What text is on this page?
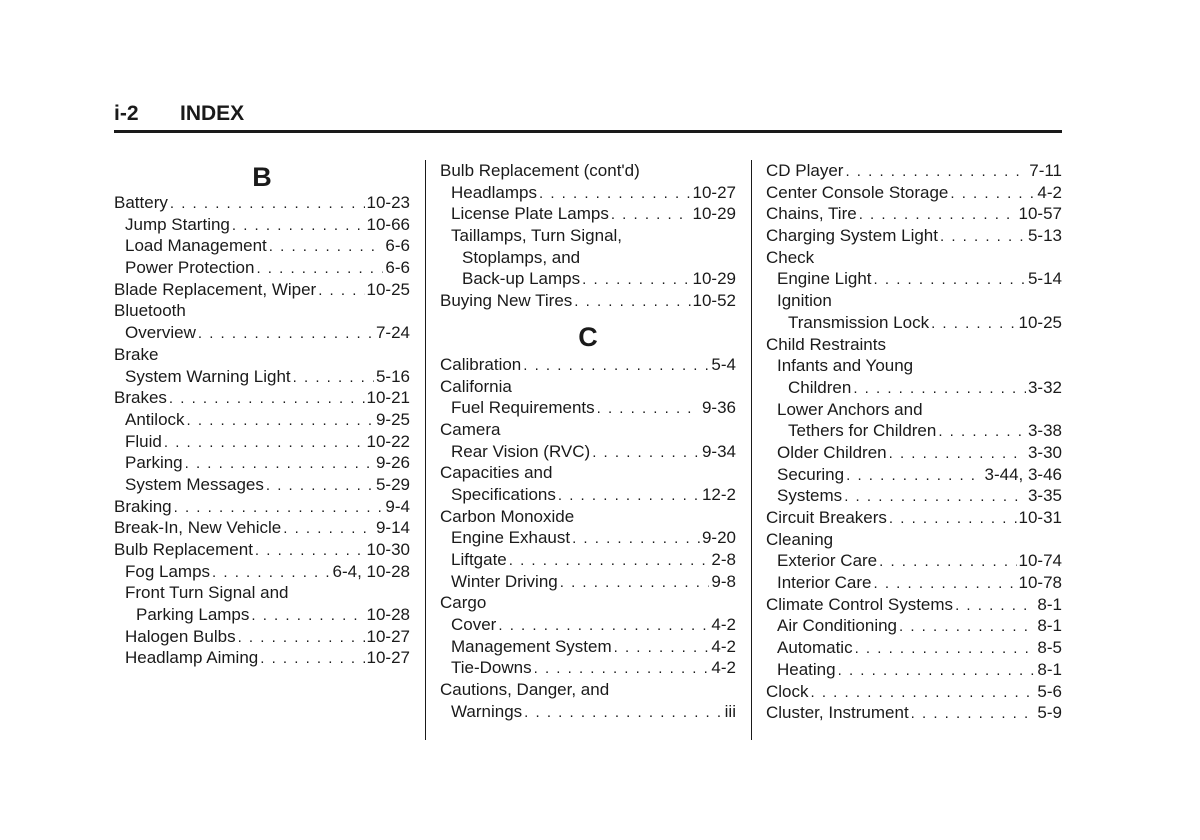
i-2 INDEX
B
Battery . . .	10-23
Jump Starting . . .	10-66
Load Management . . .	6-6
Power Protection . . .	6-6
Blade Replacement, Wiper . . .	10-25
Bluetooth
Overview . . .	7-24
Brake
System Warning Light . . .	5-16
Brakes . . .	10-21
Antilock . . .	9-25
Fluid . . .	10-22
Parking . . .	9-26
System Messages . . .	5-29
Braking . . .	9-4
Break-In, New Vehicle . . .	9-14
Bulb Replacement . . .	10-30
Fog Lamps . . .	6-4, 10-28
Front Turn Signal and
Parking Lamps . . .	10-28
Halogen Bulbs . . .	10-27
Headlamp Aiming . . .	10-27
Bulb Replacement (cont'd)
Headlamps . . .	10-27
License Plate Lamps . . .	10-29
Taillamps, Turn Signal,
Stoplamps, and
Back-up Lamps . . .	10-29
Buying New Tires . . .	10-52
C
Calibration . . .	5-4
California
Fuel Requirements . . .	9-36
Camera
Rear Vision (RVC) . . .	9-34
Capacities and
Specifications . . .	12-2
Carbon Monoxide
Engine Exhaust . . .	9-20
Liftgate . . .	2-8
Winter Driving . . .	9-8
Cargo
Cover . . .	4-2
Management System . . .	4-2
Tie-Downs . . .	4-2
Cautions, Danger, and
Warnings . . .	iii
CD Player . . .	7-11
Center Console Storage . . .	4-2
Chains, Tire . . .	10-57
Charging System Light . . .	5-13
Check
Engine Light . . .	5-14
Ignition
Transmission Lock . . .	10-25
Child Restraints
Infants and Young
Children . . .	3-32
Lower Anchors and
Tethers for Children . . .	3-38
Older Children . . .	3-30
Securing . . .	3-44, 3-46
Systems . . .	3-35
Circuit Breakers . . .	10-31
Cleaning
Exterior Care . . .	10-74
Interior Care . . .	10-78
Climate Control Systems . . .	8-1
Air Conditioning . . .	8-1
Automatic . . .	8-5
Heating . . .	8-1
Clock . . .	5-6
Cluster, Instrument . . .	5-9
